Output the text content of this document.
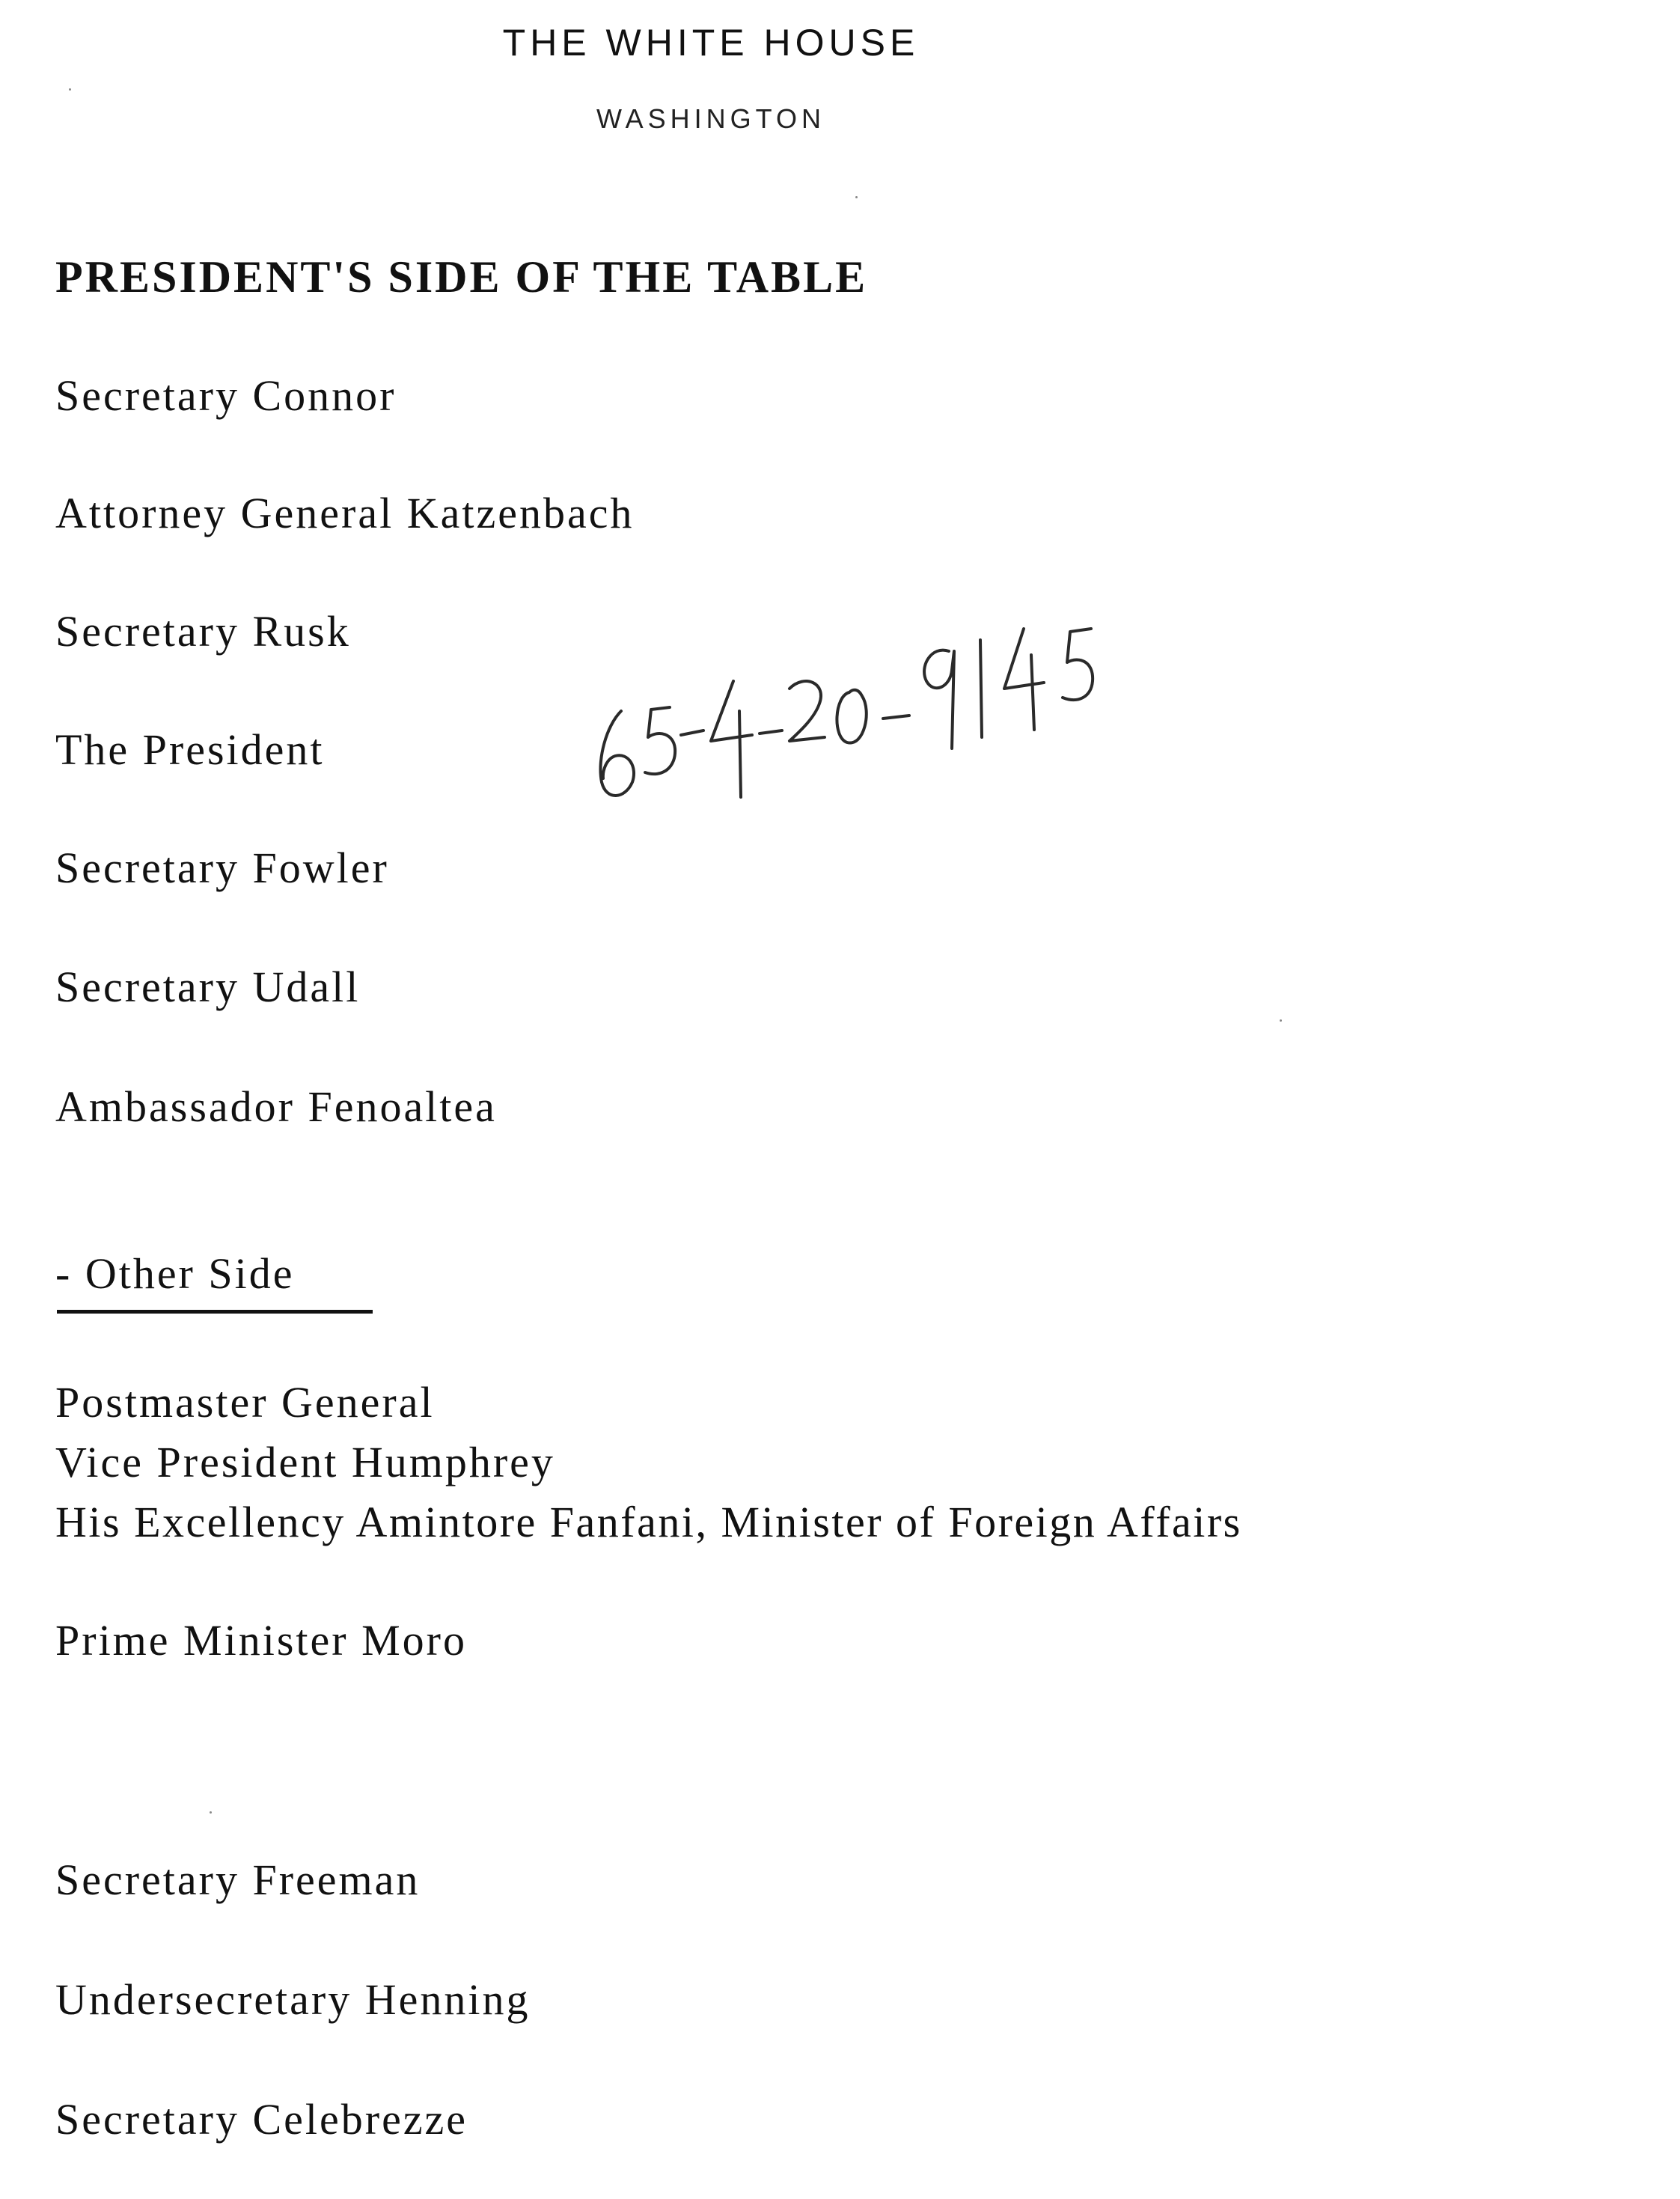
THE WHITE HOUSE
WASHINGTON
PRESIDENT'S SIDE OF THE TABLE
Secretary Connor
Attorney General Katzenbach
Secretary Rusk
The President
Secretary Fowler
Secretary Udall
Ambassador Fenoaltea
- Other Side
Postmaster General
Vice President Humphrey
His Excellency Amintore Fanfani, Minister of Foreign Affairs
Prime Minister Moro
Secretary Freeman
Undersecretary Henning
Secretary Celebrezze
